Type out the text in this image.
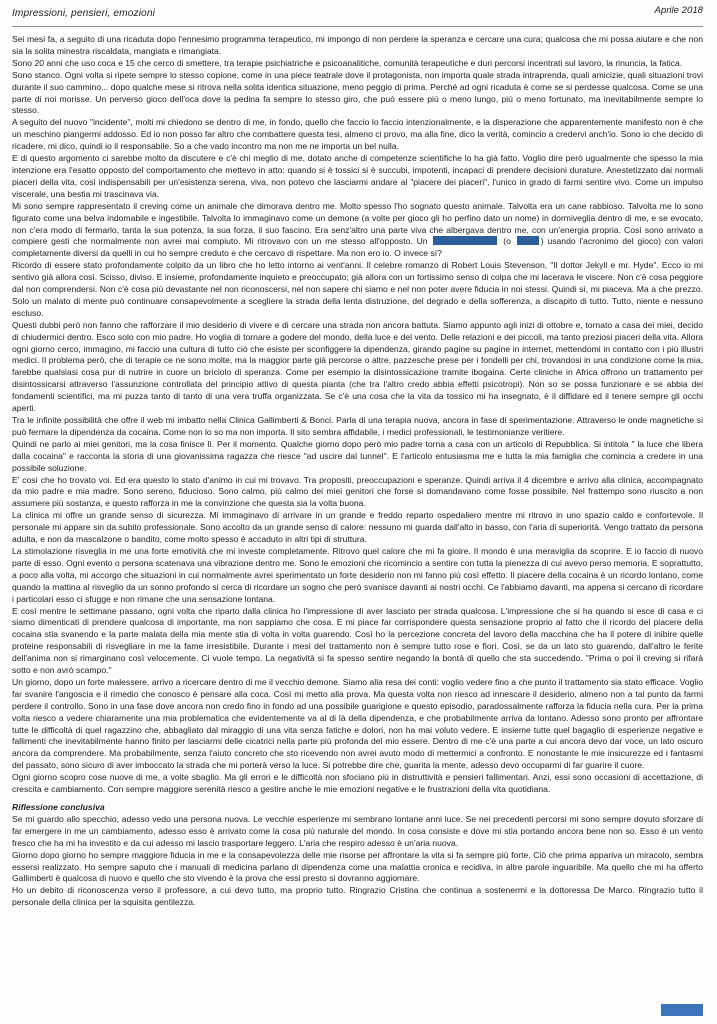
Impressioni, pensieri, emozioni	Aprile 2018

Sei mesi fa, a seguito di una ricaduta dopo l'ennesimo programma terapeutico, mi impongo di non perdere la speranza e cercare una cura; qualcosa che mi possa aiutare e che non sia la solita minestra riscaldata, mangiata e rimangiata.

Sono 20 anni che uso coca e 15 che cerco di smettere, tra terapie psichiatriche e psicoanalitiche, comunità terapeutiche e duri percorsi incentrati sul lavoro, la rinuncia, la fatica.

Sono stanco. Ogni volta si ripete sempre lo stesso copione, come in una piece teatrale dove il protagonista, non importa quale strada intraprenda, quali amicizie, quali situazioni trovi durante il suo cammino... dopo qualche mese si ritrova nella solita identica situazione, meno peggio di prima. Perché ad ogni ricaduta è come se si perdesse qualcosa. Come se una parte di noi morisse. Un perverso gioco dell'oca dove la pedina fa sempre lo stesso giro, che può essere più o meno lungo, più o meno fortunato, ma inevitabilmente sempre lo stesso.

A seguito del nuovo "incidente", molti mi chiedono se dentro di me, in fondo, quello che faccio lo faccio intenzionalmente, e la disperazione che apparentemente manifesto non è che un meschino piangermi addosso. Ed io non posso far altro che combattere questa tesi, almeno ci provo, ma alla fine, dico la verità, comincio a credervi anch'io. Sono io che decido di ricadere, mi dico, quindi io il responsabile. So a che vado incontro ma non me ne importa un bel nulla.

E di questo argomento ci sarebbe molto da discutere e c'è chi meglio di me, dotato anche di competenze scientifiche lo ha già fatto. Voglio dire però ugualmente che spesso la mia intenzione era l'esatto opposto del comportamento che mettevo in atto: quando si è tossici si è succubi, impotenti, incapaci di prendere decisioni durature. Anestetizzato dai normali piaceri della vita, così indispensabili per un'esistenza serena, viva, non potevo che lasciarmi andare al "piacere dei piaceri", l'unico in grado di farmi sentire vivo. Come un impulso viscerale, una bestia mi trascinava via.

Mi sono sempre rappresentato il creving come un animale che dimorava dentro me. Molto spesso l'ho sognato questo animale. Talvolta era un cane rabbioso. Talvolta me lo sono figurato come una belva indomabile e ingestibile. Talvolta lo immaginavo come un demone (a volte per gioco gli ho perfino dato un nome) in dormiveglia dentro di me, e se evocato, non c'era modo di fermarlo, tanta la sua potenza, la sua forza, il suo fascino. Era senz'altro una parte viva che albergava dentro me, con un'energia propria. Così sono arrivato a compiere gesti che normalmente non avrei mai compiuto. Mi ritrovavo con un me stesso all'opposto. Un	(o	) usando l'acronimo del gioco) con valori completamente diversi da quelli in cui ho sempre creduto e che cercavo di rispettare. Ma non ero io. O invece sì?

Ricordo di essere stato profondamente colpito da un libro che ho letto intorno ai vent'anni. Il celebre romanzo di Robert Louis Stevenson, "Il dottor Jekyll e mr. Hyde". Ecco io mi sentivo già allora così. Scisso, diviso. E insieme, profondamente inquieto e preoccupato; già allora con un fortissimo senso di colpa che mi lacerava le viscere. Non c'è cosa peggiore dal non comprendersi. Non c'è cosa più devastante nel non riconoscersi, nel non sapere chi siamo e nel non poter avere fiducia in noi stessi. Quindi sì, mi piaceva. Ma a che prezzo. Solo un malato di mente può continuare consapevolmente a scegliere la strada della lenta distruzione, del degrado e della sofferenza, a discapito di tutto. Tutto, niente e nessuno escluso.

Questi dubbi però non fanno che rafforzare il mio desiderio di vivere e di cercare una strada non ancora battuta. Siamo appunto agli inizi di ottobre e, tornato a casa dei miei, decido di chiudermici dentro. Esco solo con mio padre. Ho voglia di tornare a godere del mondo, della luce e del vento. Delle relazioni e dei piccoli, ma tanto preziosi piaceri della vita. Allora ogni giorno cerco, immagino, mi faccio una cultura di tutto ciò che esiste per sconfiggere la dipendenza, girando pagine su pagine in internet, mettendomi in contatto con i più illustri medici. Il problema però, che di terapie ce ne sono molte, ma la maggior parte già percorse o altre, pazzesche prese per i fondelli per chi, trovandosi in una condizione come la mia, farebbe qualsiasi cosa pur di nutrire in cuore un briciolo di speranza. Come per esempio la disintossicazione tramite ibogaina. Certe cliniche in Africa offrono un trattamento per disintossicarsi attraverso l'assunzione controllata del principio attivo di questa pianta (che tra l'altro credo abbia effetti psicotropi). Non so se possa funzionare e se abbia dei fondamenti scientifici, ma mi puzza tanto di tanto di una vera truffa organizzata. Se c'è una cosa che la vita da tossico mi ha insegnato, è il diffidare ed il tenere sempre gli occhi aperti.

Tra le infinite possibilità che offre il web mi imbatto nella Clinica Gallimberti & Bonci. Parla di una terapia nuova, ancora in fase di sperimentazione. Attraverso le onde magnetiche si può fermare la dipendenza da cocaina. Come non lo so ma non importa. Il sito sembra affidabile, i medici professionali, le testimonianze veritiere.

Quindi ne parlo ai miei genitori, ma la cosa finisce lì. Per il momento. Qualche giorno dopo però mio padre torna a casa con un articolo di Repubblica. Si intitola " la luce che libera dalla cocaina" e racconta la storia di una giovanissima ragazza che riesce "ad uscire dal tunnel". E l'articolo entusiasma me e tutta la mia famiglia che comincia a credere in una possibile soluzione.

E' così che ho trovato voi. Ed era questo lo stato d'animo in cui mi trovavo. Tra propositi, preoccupazioni e speranze. Quindi arriva il 4 dicembre e arrivo alla clinica, accompagnato da mio padre e mia madre. Sono sereno, fiducioso. Sono calmo, più calmo dei miei genitori che forse si domandavano come fosse possibile. Nel frattempo sono riuscito a non assumere più sostanza, e questo rafforza in me la convinzione che questa sia la volta buona.

La clinica mi offre un grande senso di sicurezza. Mi immaginavo di arrivare in un grande e freddo reparto ospedaliero mentre mi ritrovo in uno spazio caldo e confortevole. Il personale mi appare sin da subito professionale. Sono accolto da un grande senso di calore: nessuno mi guarda dall'alto in basso, con l'aria di superiorità. Vengo trattato da persona adulta, e non da mascalzone o bandito, come molto spesso è accaduto in altri tipi di struttura.

La stimolazione risveglia in me una forte emotività che mi investe completamente. Ritrovo quel calore che mi fa gioire. Il mondo è una meraviglia da scoprire. E io faccio di nuovo parte di esso. Ogni evento o persona scatenava una vibrazione dentro me. Sono le emozioni che ricomincio a sentire con tutta la pienezza di cui avevo perso memoria. E soprattutto, a poco alla volta, mi accorgo che situazioni in cui normalmente avrei sperimentato un forte desiderio non mi fanno più così effetto. Il piacere della cocaina è un ricordo lontano, come quando la mattina al risveglio da un sonno profondo si cerca di ricordare un sogno che però svanisce davanti ai nostri occhi. Ce l'abbiamo davanti, ma appena si cercano di ricordare i particolari esso ci sfugge e non rimane che una sensazione lontana.

E così mentre le settimane passano, ogni volta che riparto dalla clinica ho l'impressione di aver lasciato per strada qualcosa. L'impressione che si ha quando si esce di casa e ci siamo dimenticati di prendere qualcosa di importante, ma non sappiamo che cosa. E mi piace far corrispondere questa sensazione proprio al fatto che il ricordo del piacere della cocaina stia svanendo e la parte malata della mia mente stia di volta in volta guarendo. Così ho la percezione concreta del lavoro della macchina che ha il potere di inibire quelle proteine responsabili di risvegliare in me la fame irresistibile. Durante i mesi del trattamento non è sempre tutto rose e fiori. Così, se da un lato sto guarendo, dall'altro le ferite dell'anima non si rimarginano così velocemente. Ci vuole tempo. La negatività si fa spesso sentire negando la bontà di quello che sta succedendo. "Prima o poi il creving si rifarà sotto e non avrò scampo."

Un giorno, dopo un forte malessere, arrivo a ricercare dentro di me il vecchio demone. Siamo alla resa dei conti: voglio vedere fino a che punto il trattamento sia stato efficace. Voglio far svanire l'angoscia e il rimedio che conosco è pensare alla coca. Così mi metto alla prova. Ma questa volta non riesco ad innescare il desiderio, almeno non a tal punto da farmi perdere il controllo. Sono in una fase dove ancora non credo fino in fondo ad una possibile guarigione e questo episodio, paradossalmente rafforza la fiducia nella cura. Per la prima volta riesco a vedere chiaramente una mia problematica che evidentemente va al di là della dipendenza, e che probabilmente arriva da lontano. Adesso sono pronto per affrontare tutte le difficoltà di quel ragazzino che, abbagliato dal miraggio di una vita senza fatiche e dolori, non ha mai voluto vedere. E insieme tutte quel bagaglio di esperienze negative e fallimenti che inevitabilmente hanno finito per lasciarmi delle cicatrici nella parte più profonda del mio essere. Dentro di me c'è una parte a cui ancora devo dar voce, un lato oscuro ancora da comprendere. Ma probabilmente, senza l'aiuto concreto che sto ricevendo non avrei avuto modo di mettermici a confronto. E nonostante le mie insicurezze ed i fantasmi del passato, sono sicuro di aver imboccato la strada che mi porterà verso la luce. Si potrebbe dire che, guarita la mente, adesso devo occuparmi di far guarire il cuore.

Ogni giorno scopro cose nuove di me, a volte sbaglio. Ma gli errori e le difficoltà non sfociano più in distruttività e pensieri fallimentari. Anzi, essi sono occasioni di accettazione, di crescita e cambiamento. Con sempre maggiore serenità riesco a gestire anche le mie emozioni negative e le frustrazioni della vita quotidiana.

Riflessione conclusiva

Se mi guardo allo specchio, adesso vedo una persona nuova. Le vecchie esperienze mi sembrano lontane anni luce. Se nei precedenti percorsi mi sono sempre dovuto sforzare di far emergere in me un cambiamento, adesso esso è arrivato come la cosa più naturale del mondo. In cosa consiste e dove mi stia portando ancora bene non so. Esso è un vento fresco che ha mi ha investito e da cui adesso mi lascio trasportare leggero. L'aria che respiro adesso è un'aria nuova.

Giorno dopo giorno ho sempre maggiore fiducia in me e la consapevolezza delle mie risorse per affrontare la vita si fa sempre più forte. Ciò che prima appariva un miracolo, sembra essersi realizzato. Ho sempre saputo che i manuali di medicina parlano di dipendenza come una malattia cronica e recidiva, in altre parole inguaribile. Ma quello che mi ha offerto Gallimberti è qualcosa di nuovo e quello che sto vivendo è la prova che essi presto si dovranno aggiornare.

Ho un debito di riconoscenza verso il professore, a cui devo tutto, ma proprio tutto. Ringrazio Cristina che continua a sostenermi e la dottoressa De Marco. Ringrazio tutto il personale della clinica per la squisita gentilezza.
